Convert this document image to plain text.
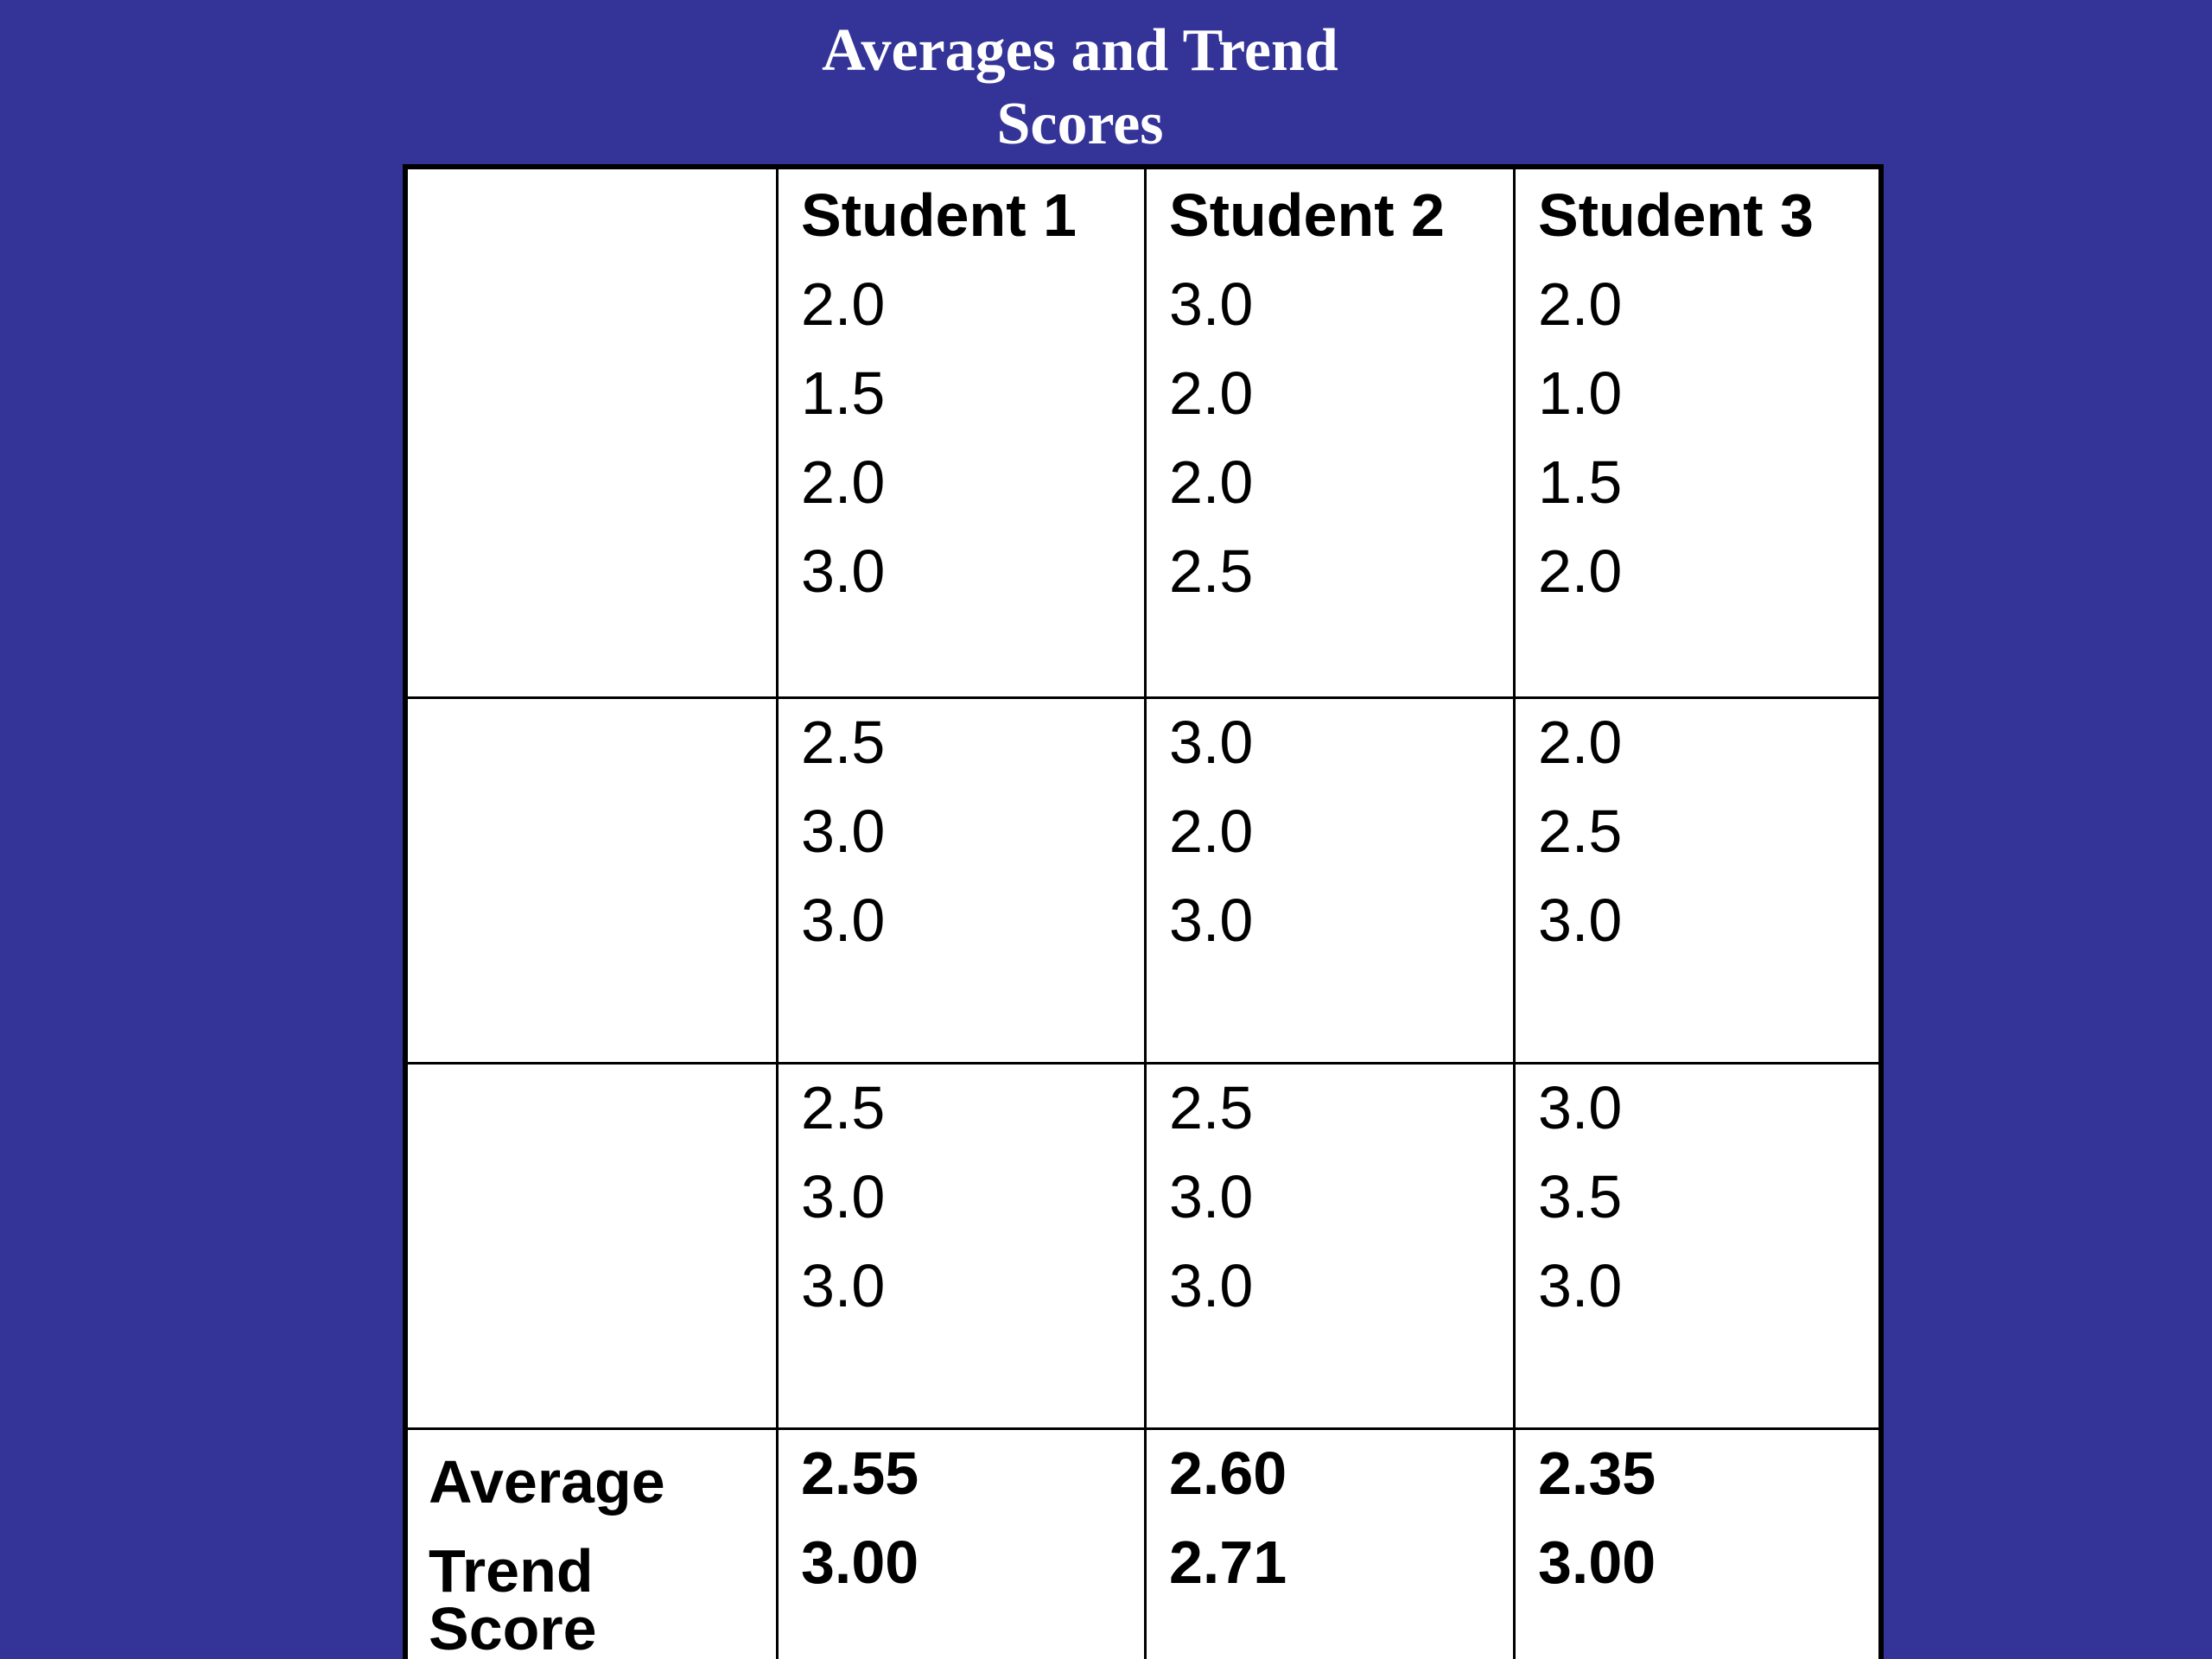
Averages and Trend
Scores
Student 1
2.0
1.5
2.0
3.0
Student 2
3.0
2.0
2.0
2.5
Student 3
2.0
1.0
1.5
2.0
2.5
3.0
3.0
3.0
2.0
3.0
2.0
2.5
3.0
2.5
3.0
3.0
2.5
3.0
3.0
3.0
3.5
3.0
Average
Trend
Score
2.55
3.00
2.60
2.71
2.35
3.00
